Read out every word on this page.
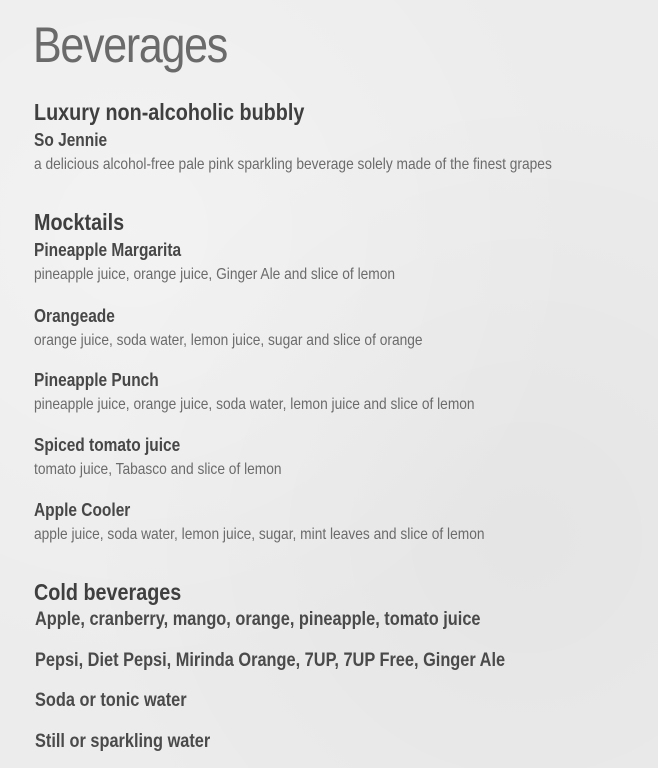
Beverages
Luxury non-alcoholic bubbly
So Jennie
a delicious alcohol-free pale pink sparkling beverage solely made of the finest grapes
Mocktails
Pineapple Margarita
pineapple juice, orange juice, Ginger Ale and slice of lemon
Orangeade
orange juice, soda water, lemon juice, sugar and slice of orange
Pineapple Punch
pineapple juice, orange juice, soda water, lemon juice and slice of lemon
Spiced tomato juice
tomato juice, Tabasco and slice of lemon
Apple Cooler
apple juice, soda water, lemon juice, sugar, mint leaves and slice of lemon
Cold beverages
Apple, cranberry, mango, orange, pineapple, tomato juice
Pepsi, Diet Pepsi, Mirinda Orange, 7UP, 7UP Free, Ginger Ale
Soda or tonic water
Still or sparkling water
